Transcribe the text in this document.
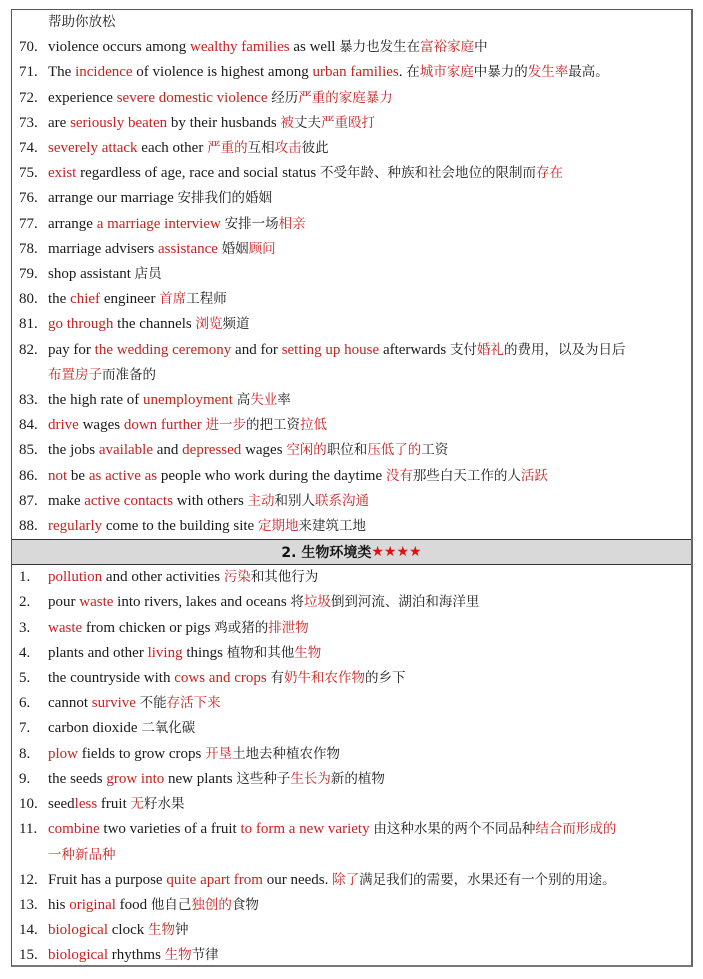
帮助你放松
70. violence occurs among wealthy families as well 暴力也发生在富裕家庭中
71. The incidence of violence is highest among urban families. 在城市家庭中暴力的发生率最高。
72. experience severe domestic violence 经历严重的家庭暴力
73. are seriously beaten by their husbands 被丈夫严重殴打
74. severely attack each other 严重的互相攻击彼此
75. exist regardless of age, race and social status 不受年龄、种族和社会地位的限制而存在
76. arrange our marriage 安排我们的婚姻
77. arrange a marriage interview 安排一场相亲
78. marriage advisers assistance 婚姻顾问
79. shop assistant 店员
80. the chief engineer 首席工程师
81. go through the channels 浏览频道
82. pay for the wedding ceremony and for setting up house afterwards 支付婚礼的费用，以及为日后
布置房子而准备的
83. the high rate of unemployment 高失业率
84. drive wages down further 进一步的把工资拉低
85. the jobs available and depressed wages 空闲的职位和压低了的工资
86. not be as active as people who work during the daytime 没有那些白天工作的人活跃
87. make active contacts with others 主动和别人联系沟通
88. regularly come to the building site 定期地来建筑工地
2. 生物环境类 ★★★★
1.	pollution and other activities 污染和其他行为
2.	pour waste into rivers, lakes and oceans 将垃圾倒到河流、湖泊和海洋里
3.	waste from chicken or pigs 鸡或猪的排泄物
4.	plants and other living things 植物和其他生物
5.	the countryside with cows and crops 有奶牛和农作物的乡下
6.	cannot survive 不能存活下来
7.	carbon dioxide 二氧化碳
8.	plow fields to grow crops 开垦土地去种植农作物
9.	the seeds grow into new plants 这些种子生长为新的植物
10. seedless fruit 无籽水果
11. combine two varieties of a fruit to form a new variety 由这种水果的两个不同品种结合而形成的
一种新品种
12. Fruit has a purpose quite apart from our needs. 除了满足我们的需要，水果还有一个别的用途。
13. his original food 他自己独创的食物
14. biological clock 生物钟
15. biological rhythms 生物节律
